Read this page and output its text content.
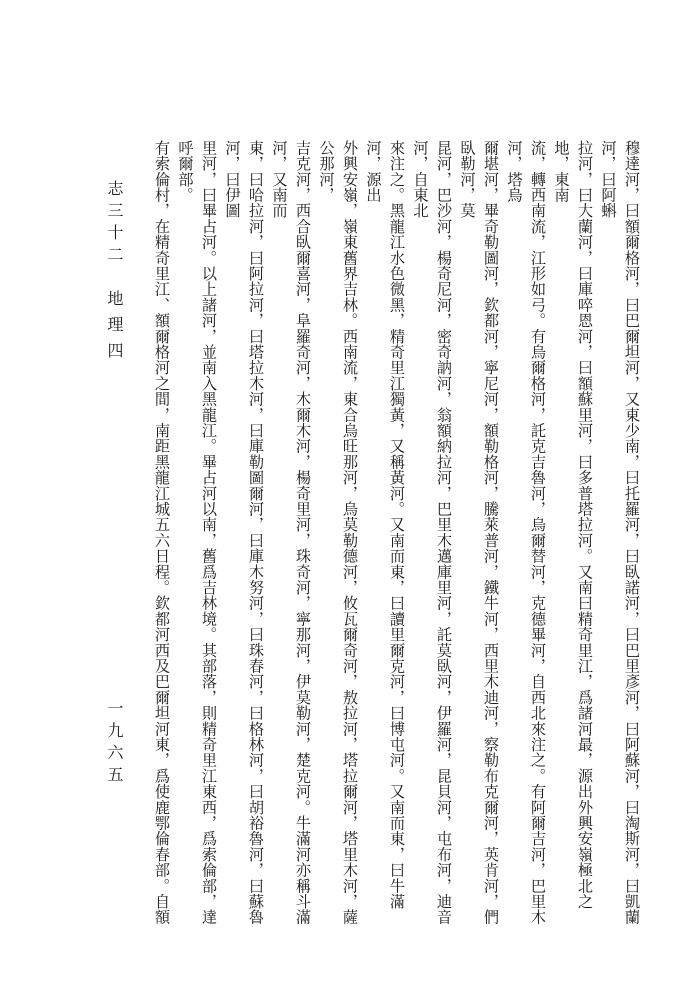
穆達河，曰額爾格河，曰巴爾坦河，又東少南，曰托羅河，曰臥諾河，曰巴里彥河，曰阿蘇河，曰淘斯河，曰凱蘭河，曰阿蝌

拉河，曰大蘭河，曰庫啐恩河，曰額蘇里河，曰多普塔拉河。又南曰精奇里江，爲諸河最，源出外興安嶺極北之地，東南

流，轉西南流，江形如弓。有烏爾格河，託克吉魯河，烏爾替河，克德畢河，自西北來注之。有阿爾吉河，巴里木河，塔烏

爾堪河，畢奇勒圖河，欽都河，寧尼河，額勒格河，騰萊普河，鐵牛河，西里木迪河，察勒布克爾河，英肯河，們臥勒河，莫

昆河，巴沙河，楊奇尼河，密奇訥河，翁額納拉河，巴里木邁庫里河，託莫臥河，伊羅河，昆貝河，屯布河，迪音河，自東北

來注之。黑龍江水色微黑，精奇里江獨黃，又稱黃河。又南而東，曰讀里爾克河，曰博屯河。又南而東，曰牛滿河，源出

外興安嶺，嶺東舊界吉林。西南流，東合烏旺那河，烏莫勒德河，攸瓦爾奇河，敖拉河，塔拉爾河，塔里木河，薩公那河，

吉克河，西合臥爾喜河，阜羅奇河，木爾木河，楊奇里河，珠奇河，寧那河，伊莫勒河，楚克河。牛滿河亦稱斗滿河，又南而

東，曰哈拉河，曰阿拉河，曰塔拉木河，曰庫勒圖爾河，曰庫木努河，曰珠春河，曰格林河，曰胡裕魯河，曰蘇魯河，曰伊圖

里河，曰畢占河。以上諸河，並南入黑龍江。畢占河以南，舊爲吉林境。其部落，則精奇里江東西，爲索倫部，達呼爾部。

有索倫村，在精奇里江、額爾格河之間，南距黑龍江城五六日程。欽都河西及巴爾坦河東，爲使鹿鄂倫春部。自額

志三十二
地理四
一九六五
